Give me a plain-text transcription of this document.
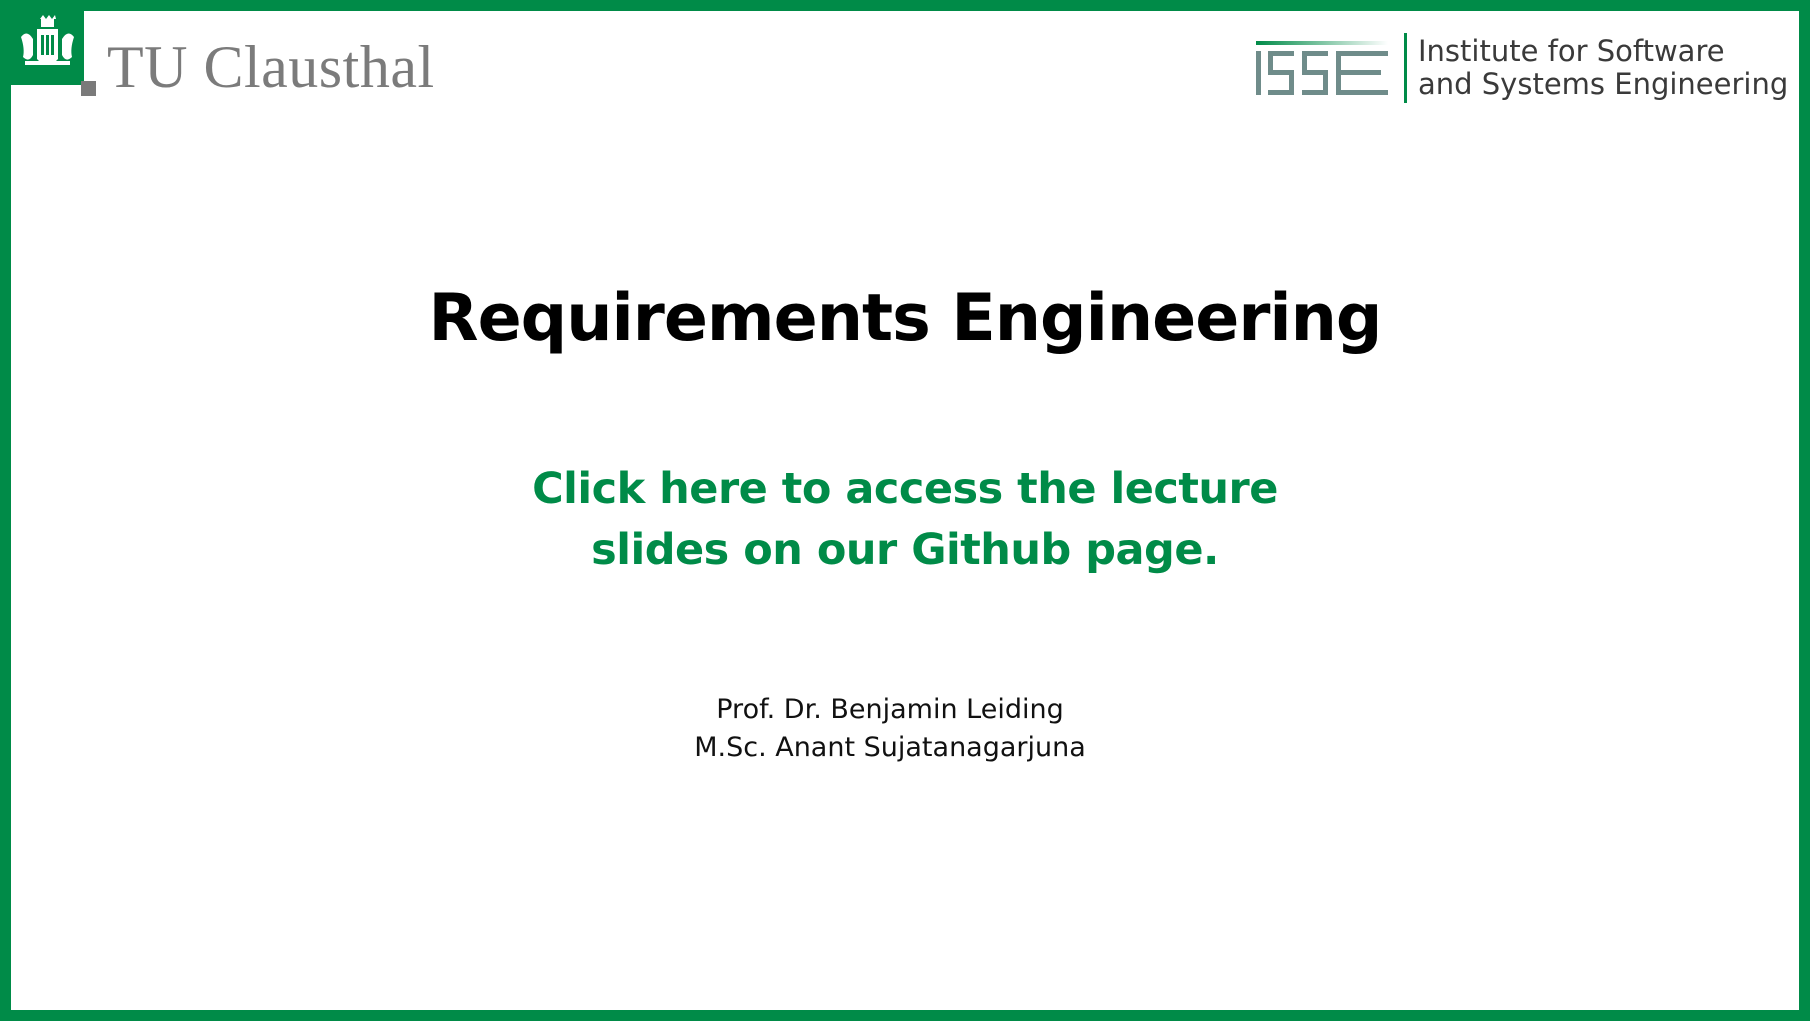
TU Clausthal	Institute for Software
and Systems Engineering
Requirements Engineering
Click here to access the lecture
slides on our Github page.
Prof. Dr. Benjamin Leiding
M.Sc. Anant Sujatanagarjuna
